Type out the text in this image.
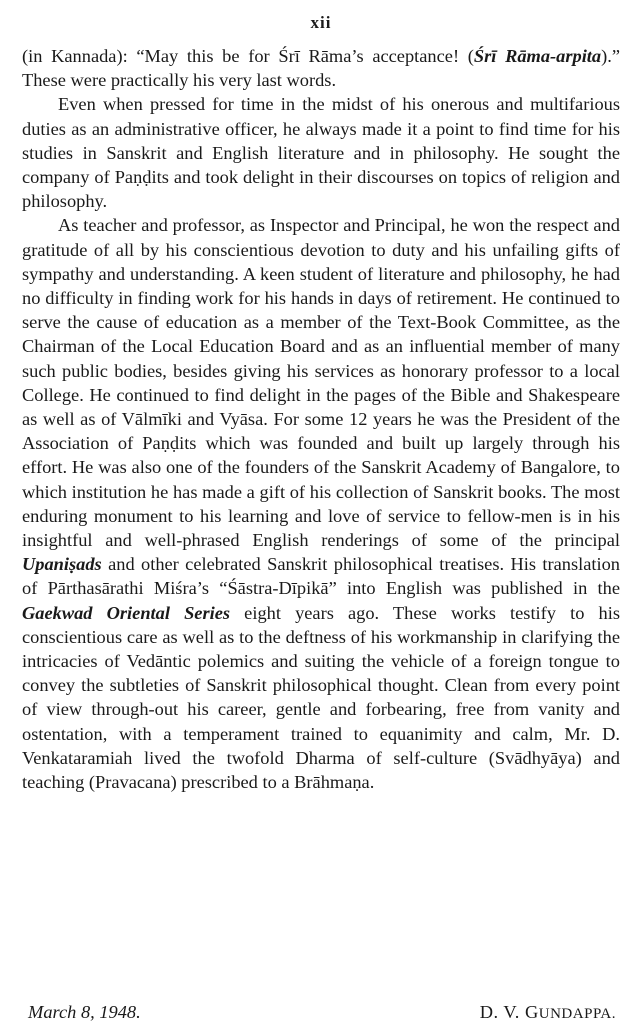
xii

(in Kannada): “May this be for Śrī Rāma’s acceptance! (Śrī Rāma-arpita).” These were practically his very last words.

Even when pressed for time in the midst of his onerous and multifarious duties as an administrative officer, he always made it a point to find time for his studies in Sanskrit and English literature and in philosophy. He sought the company of Paṇḍits and took delight in their discourses on topics of religion and philosophy.

As teacher and professor, as Inspector and Principal, he won the respect and gratitude of all by his conscientious devotion to duty and his unfailing gifts of sympathy and understanding. A keen student of literature and philosophy, he had no difficulty in finding work for his hands in days of retirement. He continued to serve the cause of education as a member of the Text-Book Committee, as the Chairman of the Local Education Board and as an influential member of many such public bodies, besides giving his services as honorary professor to a local College. He continued to find delight in the pages of the Bible and Shakespeare as well as of Vālmīki and Vyāsa. For some 12 years he was the President of the Association of Paṇḍits which was founded and built up largely through his effort. He was also one of the founders of the Sanskrit Academy of Bangalore, to which institution he has made a gift of his collection of Sanskrit books. The most enduring monument to his learning and love of service to fellow-men is in his insightful and well-phrased English renderings of some of the principal Upaniṣads and other celebrated Sanskrit philosophical treatises. His translation of Pārthasārathi Miśra’s “Śāstra-Dīpikā” into English was published in the Gaekwad Oriental Series eight years ago. These works testify to his conscientious care as well as to the deftness of his workmanship in clarifying the intricacies of Vedāntic polemics and suiting the vehicle of a foreign tongue to convey the subtleties of Sanskrit philosophical thought. Clean from every point of view through-out his career, gentle and forbearing, free from vanity and ostentation, with a temperament trained to equanimity and calm, Mr. D. Venkataramiah lived the twofold Dharma of self-culture (Svādhyāya) and teaching (Pravacana) prescribed to a Brāhmaṇa.

March 8, 1948.	D. V. GUNDAPPA.
